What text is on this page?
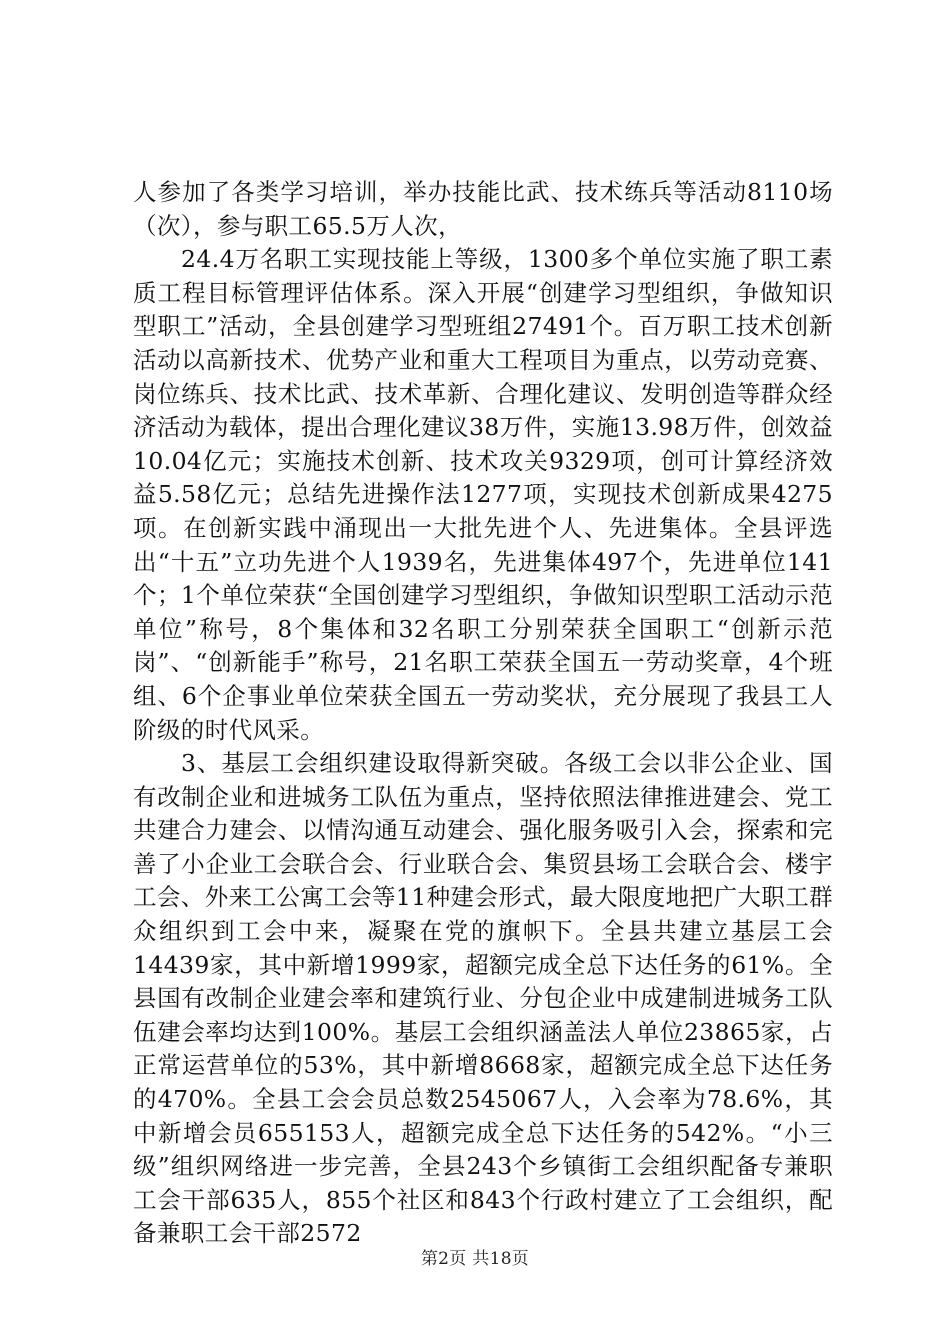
人参加了各类学习培训，举办技能比武、技术练兵等活动8110场（次），参与职工65.5万人次，

24.4万名职工实现技能上等级，1300多个单位实施了职工素质工程目标管理评估体系。深入开展“创建学习型组织，争做知识型职工”活动，全县创建学习型班组27491个。百万职工技术创新活动以高新技术、优势产业和重大工程项目为重点，以劳动竞赛、岗位练兵、技术比武、技术革新、合理化建议、发明创造等群众经济活动为载体，提出合理化建议38万件，实施13.98万件，创效益10.04亿元；实施技术创新、技术攻关9329项，创可计算经济效益5.58亿元；总结先进操作法1277项，实现技术创新成果4275项。在创新实践中涌现出一大批先进个人、先进集体。全县评选出“十五”立功先进个人1939名，先进集体497个，先进单位141个；1个单位荣获“全国创建学习型组织，争做知识型职工活动示范单位”称号，8个集体和32名职工分别荣获全国职工“创新示范岗”、“创新能手”称号，21名职工荣获全国五一劳动奖章，4个班组、6个企事业单位荣获全国五一劳动奖状，充分展现了我县工人阶级的时代风采。

3、基层工会组织建设取得新突破。各级工会以非公企业、国有改制企业和进城务工队伍为重点，坚持依照法律推进建会、党工共建合力建会、以情沟通互动建会、强化服务吸引入会，探索和完善了小企业工会联合会、行业联合会、集贸县场工会联合会、楼宇工会、外来工公寓工会等11种建会形式，最大限度地把广大职工群众组织到工会中来，凝聚在党的旗帜下。全县共建立基层工会14439家，其中新增1999家，超额完成全总下达任务的61%。全县国有改制企业建会率和建筑行业、分包企业中成建制进城务工队伍建会率均达到100%。基层工会组织涵盖法人单位23865家，占正常运营单位的53%，其中新增8668家，超额完成全总下达任务的470%。全县工会会员总数2545067人，入会率为78.6%，其中新增会员655153人，超额完成全总下达任务的542%。“小三级”组织网络进一步完善，全县243个乡镇街工会组织配备专兼职工会干部635人，855个社区和843个行政村建立了工会组织，配备兼职工会干部2572

第2页 共18页
